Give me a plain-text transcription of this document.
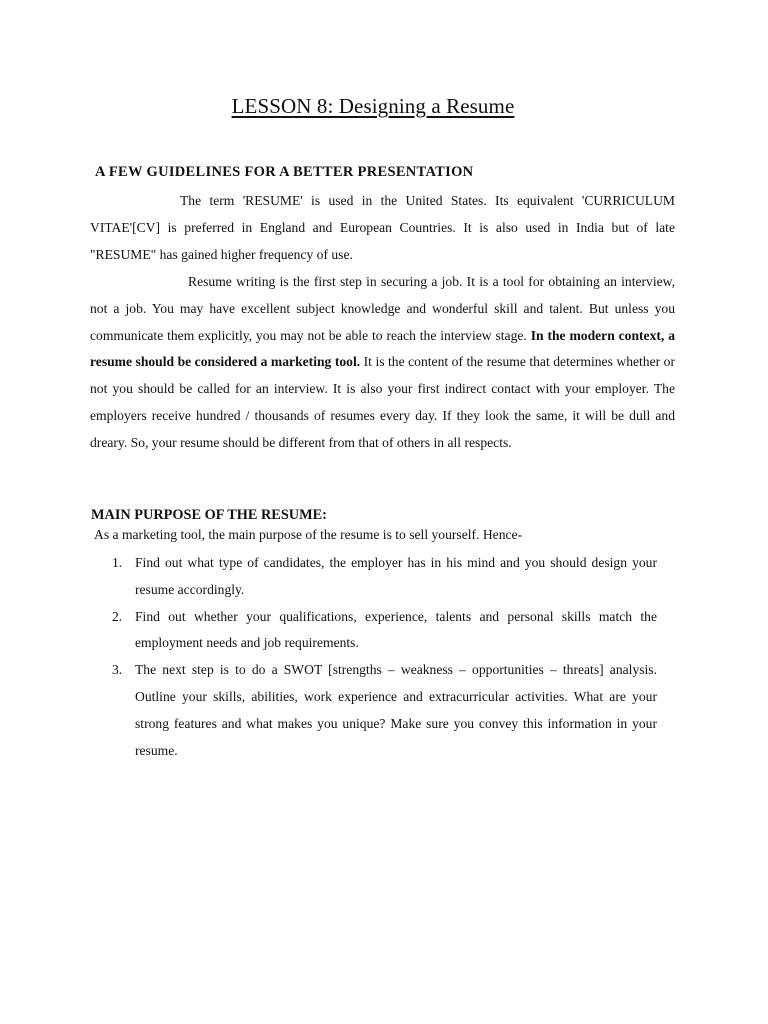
LESSON 8: Designing a Resume
A FEW GUIDELINES FOR A BETTER PRESENTATION

The term 'RESUME' is used in the United States. Its equivalent 'CURRICULUM VITAE'[CV] is preferred in England and European Countries. It is also used in India but of late "RESUME" has gained higher frequency of use.

Resume writing is the first step in securing a job. It is a tool for obtaining an interview, not a job. You may have excellent subject knowledge and wonderful skill and talent. But unless you communicate them explicitly, you may not be able to reach the interview stage. In the modern context, a resume should be considered a marketing tool. It is the content of the resume that determines whether or not you should be called for an interview. It is also your first indirect contact with your employer. The employers receive hundred / thousands of resumes every day. If they look the same, it will be dull and dreary. So, your resume should be different from that of others in all respects.

MAIN PURPOSE OF THE RESUME:
As a marketing tool, the main purpose of the resume is to sell yourself. Hence-
1. Find out what type of candidates, the employer has in his mind and you should design your resume accordingly.
2. Find out whether your qualifications, experience, talents and personal skills match the employment needs and job requirements.
3. The next step is to do a SWOT [strengths – weakness – opportunities – threats] analysis. Outline your skills, abilities, work experience and extracurricular activities. What are your strong features and what makes you unique? Make sure you convey this information in your resume.
